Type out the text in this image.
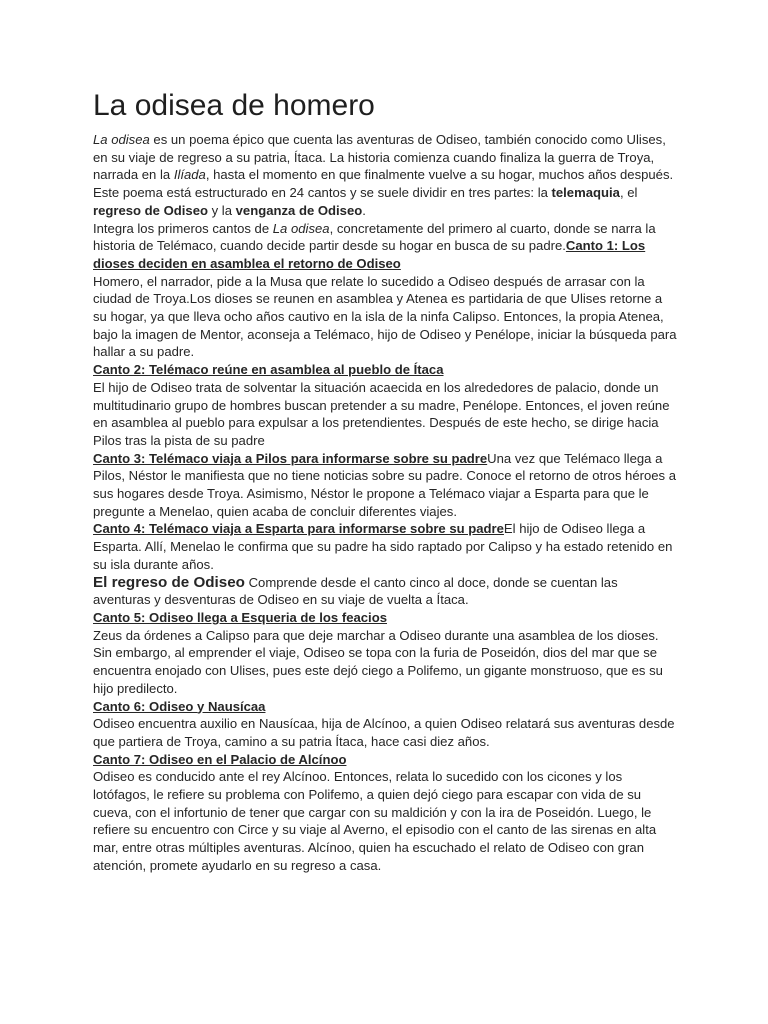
La odisea de homero

La odisea es un poema épico que cuenta las aventuras de Odiseo, también conocido como Ulises, en su viaje de regreso a su patria, Ítaca. La historia comienza cuando finaliza la guerra de Troya, narrada en la Ilíada, hasta el momento en que finalmente vuelve a su hogar, muchos años después.

Este poema está estructurado en 24 cantos y se suele dividir en tres partes: la telemaquia, el regreso de Odiseo y la venganza de Odiseo.

Integra los primeros cantos de La odisea, concretamente del primero al cuarto, donde se narra la historia de Telémaco, cuando decide partir desde su hogar en busca de su padre.Canto 1: Los dioses deciden en asamblea el retorno de Odiseo

Homero, el narrador, pide a la Musa que relate lo sucedido a Odiseo después de arrasar con la ciudad de Troya.Los dioses se reunen en asamblea y Atenea es partidaria de que Ulises retorne a su hogar, ya que lleva ocho años cautivo en la isla de la ninfa Calipso. Entonces, la propia Atenea, bajo la imagen de Mentor, aconseja a Telémaco, hijo de Odiseo y Penélope, iniciar la búsqueda para hallar a su padre.

Canto 2: Telémaco reúne en asamblea al pueblo de Ítaca

El hijo de Odiseo trata de solventar la situación acaecida en los alrededores de palacio, donde un multitudinario grupo de hombres buscan pretender a su madre, Penélope. Entonces, el joven reúne en asamblea al pueblo para expulsar a los pretendientes. Después de este hecho, se dirige hacia Pilos tras la pista de su padre

Canto 3: Telémaco viaja a Pilos para informarse sobre su padreUna vez que Telémaco llega a Pilos, Néstor le manifiesta que no tiene noticias sobre su padre. Conoce el retorno de otros héroes a sus hogares desde Troya. Asimismo, Néstor le propone a Telémaco viajar a Esparta para que le pregunte a Menelao, quien acaba de concluir diferentes viajes.

Canto 4: Telémaco viaja a Esparta para informarse sobre su padreEl hijo de Odiseo llega a Esparta. Allí, Menelao le confirma que su padre ha sido raptado por Calipso y ha estado retenido en su isla durante años.

El regreso de Odiseo Comprende desde el canto cinco al doce, donde se cuentan las aventuras y desventuras de Odiseo en su viaje de vuelta a Ítaca.

Canto 5: Odiseo llega a Esqueria de los feacios

Zeus da órdenes a Calipso para que deje marchar a Odiseo durante una asamblea de los dioses. Sin embargo, al emprender el viaje, Odiseo se topa con la furia de Poseidón, dios del mar que se encuentra enojado con Ulises, pues este dejó ciego a Polifemo, un gigante monstruoso, que es su hijo predilecto.

Canto 6: Odiseo y Nausícaa

Odiseo encuentra auxilio en Nausícaa, hija de Alcínoo, a quien Odiseo relatará sus aventuras desde que partiera de Troya, camino a su patria Ítaca, hace casi diez años.

Canto 7: Odiseo en el Palacio de Alcínoo

Odiseo es conducido ante el rey Alcínoo. Entonces, relata lo sucedido con los cicones y los lotófagos, le refiere su problema con Polifemo, a quien dejó ciego para escapar con vida de su cueva, con el infortunio de tener que cargar con su maldición y con la ira de Poseidón. Luego, le refiere su encuentro con Circe y su viaje al Averno, el episodio con el canto de las sirenas en alta mar, entre otras múltiples aventuras. Alcínoo, quien ha escuchado el relato de Odiseo con gran atención, promete ayudarlo en su regreso a casa.
